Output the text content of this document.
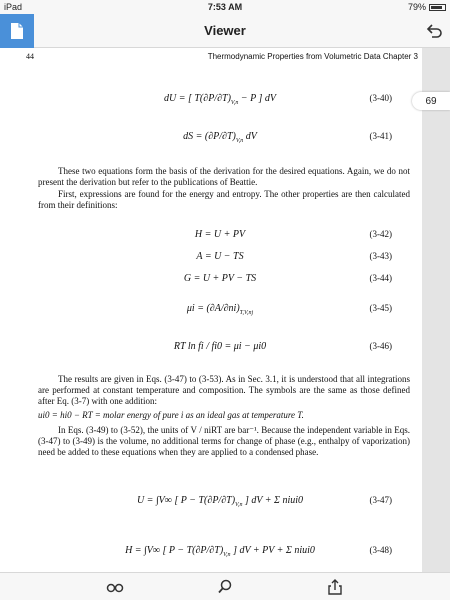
iPad	7:53 AM	79%
Viewer
69
44	Thermodynamic Properties from Volumetric Data Chapter 3
dU = [ $T(\partial P/\partial T)_{V,n} - P$ ] dV	(3-40)
dS = $(\partial P/\partial T)_{V,n}$ dV	(3-41)

These two equations form the basis of the derivation for the desired equations. Again, we do not present the derivation but refer to the publications of Beattie.

First, expressions are found for the energy and entropy. The other properties are then calculated from their definitions:

H = U + PV	(3-42)
A = U − TS	(3-43)
G = U + PV − TS	(3-44)
$\mu i = (\partial A/\partial ni)_{T,V,nj}$	(3-45)
RT ln fi / fi0 = μi − μi0	(3-46)

The results are given in Eqs. (3-47) to (3-53). As in Sec. 3.1, it is understood that all integrations are performed at constant temperature and composition. The symbols are the same as those defined after Eq. (3-7) with one addition:

ui0 = hi0 − RT = molar energy of pure i as an ideal gas at temperature T.

In Eqs. (3-49) to (3-52), the units of V / niRT are bar⁻¹. Because the independent variable in Eqs. (3-47) to (3-49) is the volume, no additional terms for change of phase (e.g., enthalpy of vaporization) need be added to these equations when they are applied to a condensed phase.

U = ∫V∞ [ $P - T(\partial P/\partial T)_{V,n}$ ] dV + Σ niui0	(3-47)
H = ∫V∞ [ $P - T(\partial P/\partial T)_{V,n}$ ] dV + PV + Σ niui0	(3-48)
